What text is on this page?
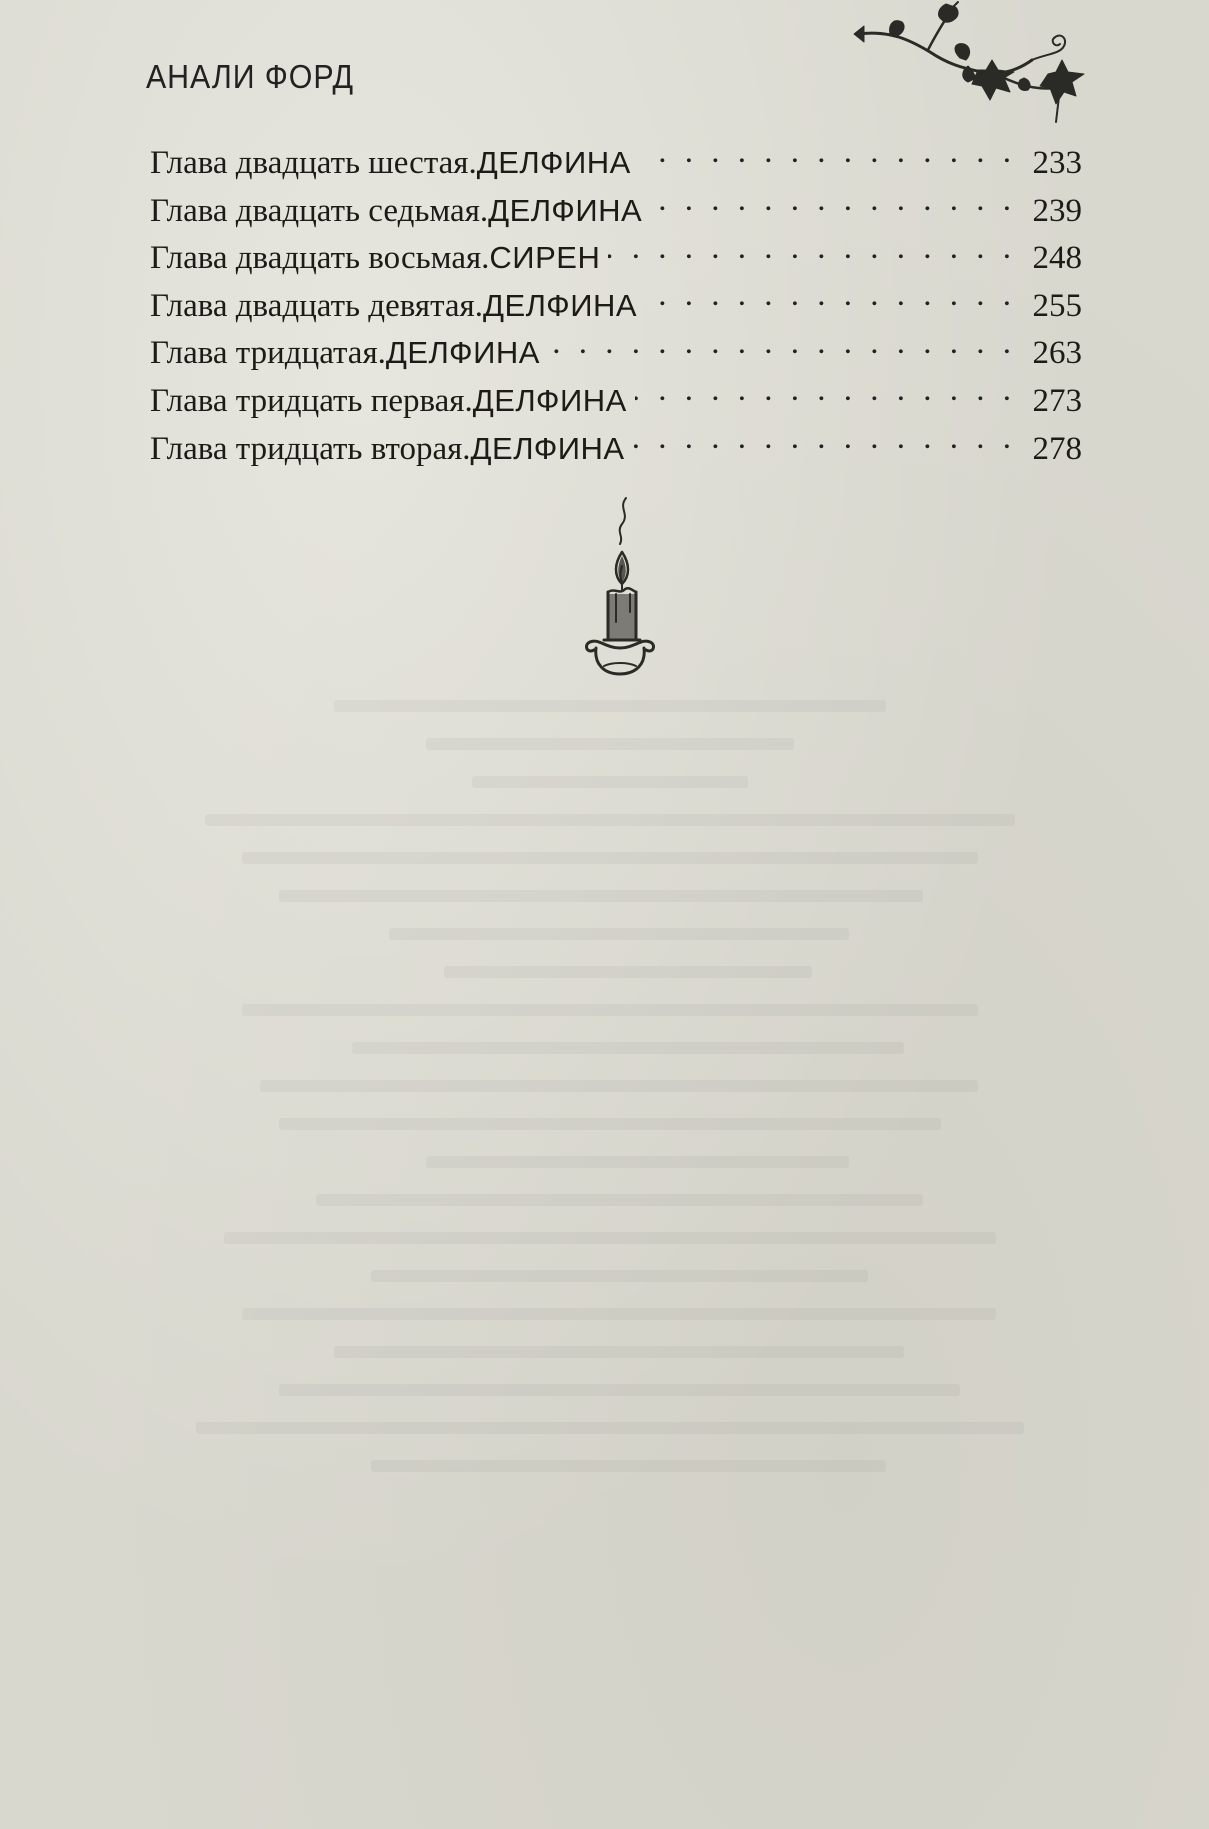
АНАЛИ ФОРД
Глава двадцать шестая. ДЕЛФИНА . . .	233
Глава двадцать седьмая. ДЕЛФИНА . . .	239
Глава двадцать восьмая. СИРЕН . . .	248
Глава двадцать девятая. ДЕЛФИНА . . .	255
Глава тридцатая. ДЕЛФИНА . . .	263
Глава тридцать первая. ДЕЛФИНА . . .	273
Глава тридцать вторая. ДЕЛФИНА . . .	278
